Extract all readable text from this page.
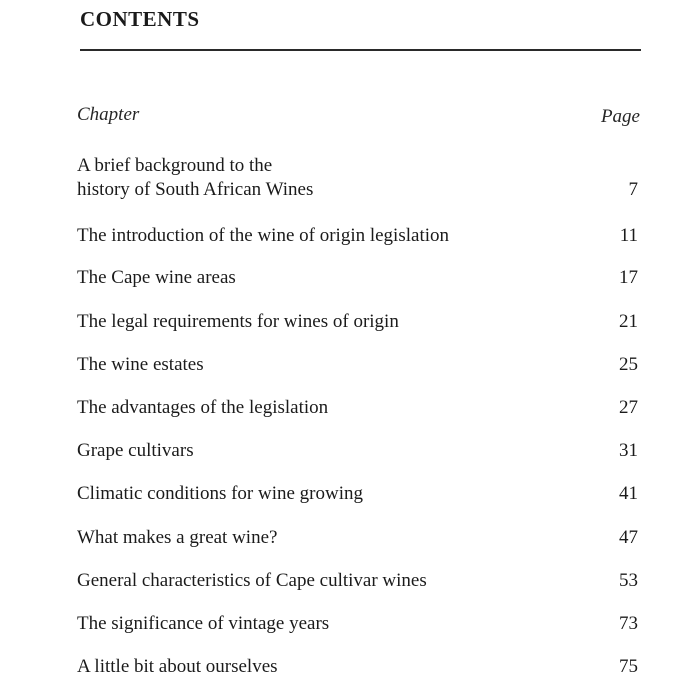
CONTENTS
Chapter	Page
A brief background to the
history of South African Wines	7
The introduction of the wine of origin legislation	11
The Cape wine areas	17
The legal requirements for wines of origin	21
The wine estates	25
The advantages of the legislation	27
Grape cultivars	31
Climatic conditions for wine growing	41
What makes a great wine?	47
General characteristics of Cape cultivar wines	53
The significance of vintage years	73
A little bit about ourselves	75
